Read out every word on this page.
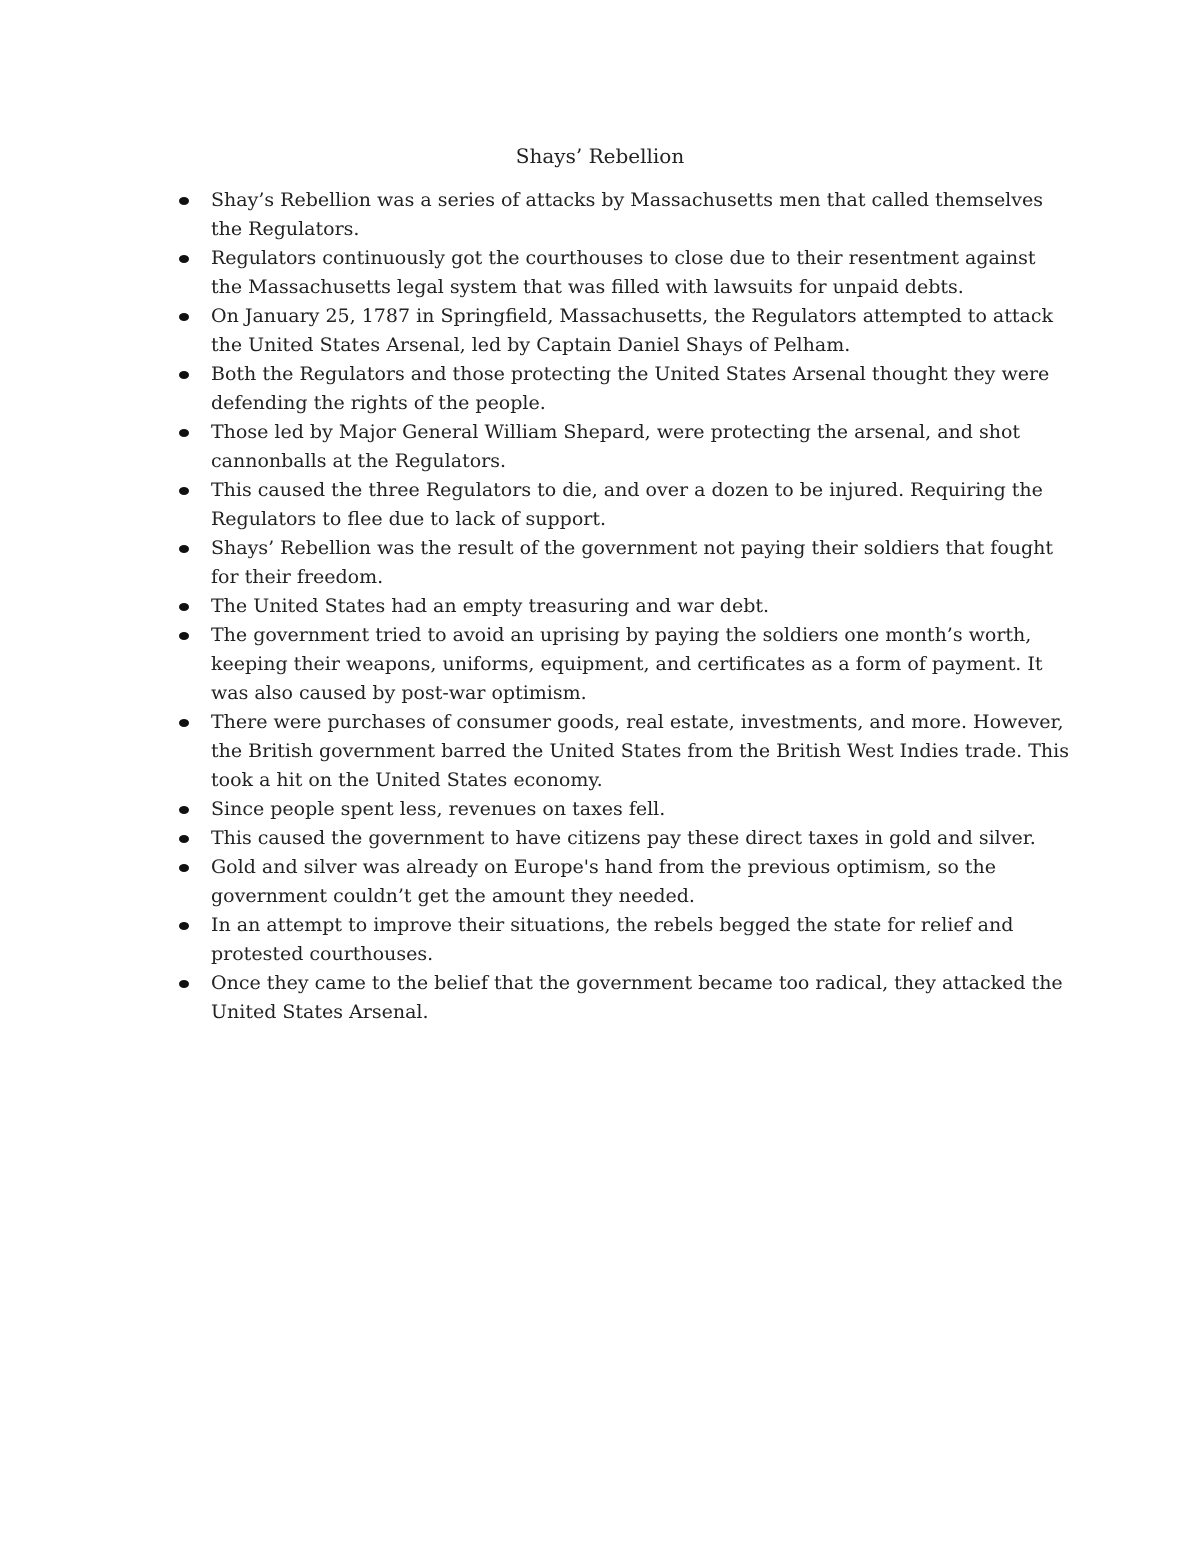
Shays’ Rebellion
Shay’s Rebellion was a series of attacks by Massachusetts men that called themselves the Regulators.
Regulators continuously got the courthouses to close due to their resentment against the Massachusetts legal system that was filled with lawsuits for unpaid debts.
On January 25, 1787 in Springfield, Massachusetts, the Regulators attempted to attack the United States Arsenal, led by Captain Daniel Shays of Pelham.
Both the Regulators and those protecting the United States Arsenal thought they were defending the rights of the people.
Those led by Major General William Shepard, were protecting the arsenal, and shot cannonballs at the Regulators.
This caused the three Regulators to die, and over a dozen to be injured. Requiring the Regulators to flee due to lack of support.
Shays’ Rebellion was the result of the government not paying their soldiers that fought for their freedom.
The United States had an empty treasuring and war debt.
The government tried to avoid an uprising by paying the soldiers one month’s worth, keeping their weapons, uniforms, equipment, and certificates as a form of payment. It was also caused by post-war optimism.
There were purchases of consumer goods, real estate, investments, and more. However, the British government barred the United States from the British West Indies trade. This took a hit on the United States economy.
Since people spent less, revenues on taxes fell.
This caused the government to have citizens pay these direct taxes in gold and silver.
Gold and silver was already on Europe's hand from the previous optimism, so the government couldn’t get the amount they needed.
In an attempt to improve their situations, the rebels begged the state for relief and protested courthouses.
Once they came to the belief that the government became too radical, they attacked the United States Arsenal.
